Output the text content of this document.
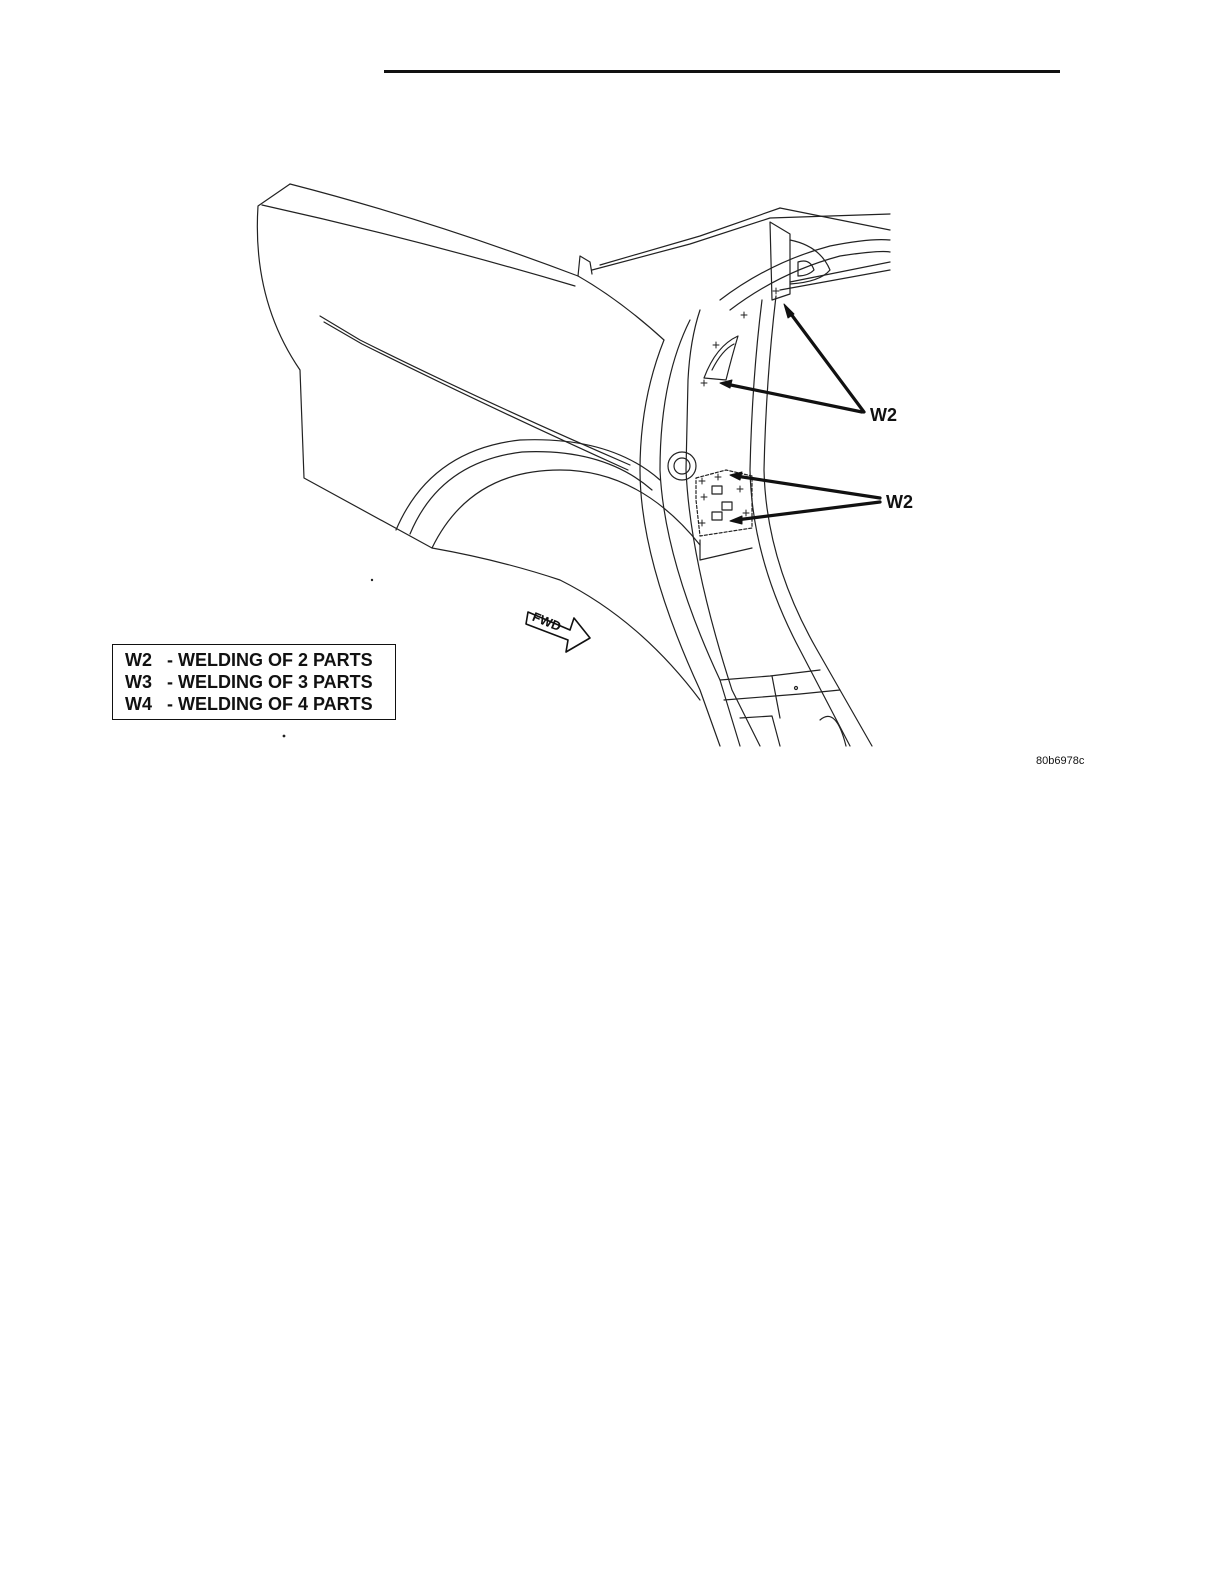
W2
W2
FWD
W2 - WELDING OF 2 PARTS
W3 - WELDING OF 3 PARTS
W4 - WELDING OF 4 PARTS
80b6978c
